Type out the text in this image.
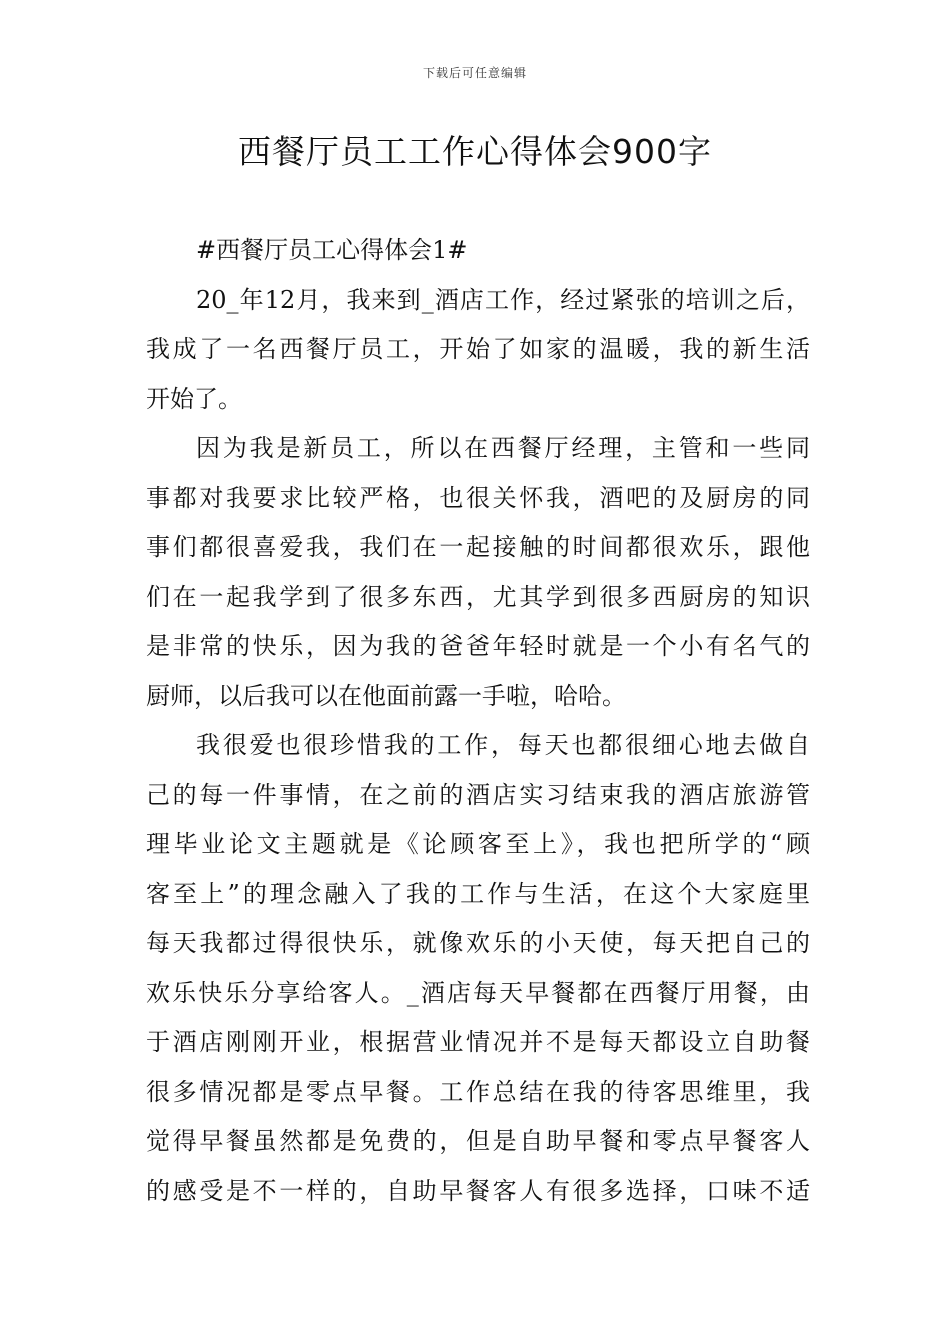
下载后可任意编辑
西餐厅员工工作心得体会900字
#西餐厅员工心得体会1#
20_年12月，我来到_酒店工作，经过紧张的培训之后，
我成了一名西餐厅员工，开始了如家的温暖，我的新生活
开始了。
因为我是新员工，所以在西餐厅经理，主管和一些同
事都对我要求比较严格，也很关怀我，酒吧的及厨房的同
事们都很喜爱我，我们在一起接触的时间都很欢乐，跟他
们在一起我学到了很多东西，尤其学到很多西厨房的知识
是非常的快乐，因为我的爸爸年轻时就是一个小有名气的
厨师，以后我可以在他面前露一手啦，哈哈。
我很爱也很珍惜我的工作，每天也都很细心地去做自
己的每一件事情，在之前的酒店实习结束我的酒店旅游管
理毕业论文主题就是《论顾客至上》，我也把所学的“顾
客至上”的理念融入了我的工作与生活，在这个大家庭里
每天我都过得很快乐，就像欢乐的小天使，每天把自己的
欢乐快乐分享给客人。_酒店每天早餐都在西餐厅用餐，由
于酒店刚刚开业，根据营业情况并不是每天都设立自助餐
很多情况都是零点早餐。工作总结在我的待客思维里，我
觉得早餐虽然都是免费的，但是自助早餐和零点早餐客人
的感受是不一样的，自助早餐客人有很多选择，口味不适
